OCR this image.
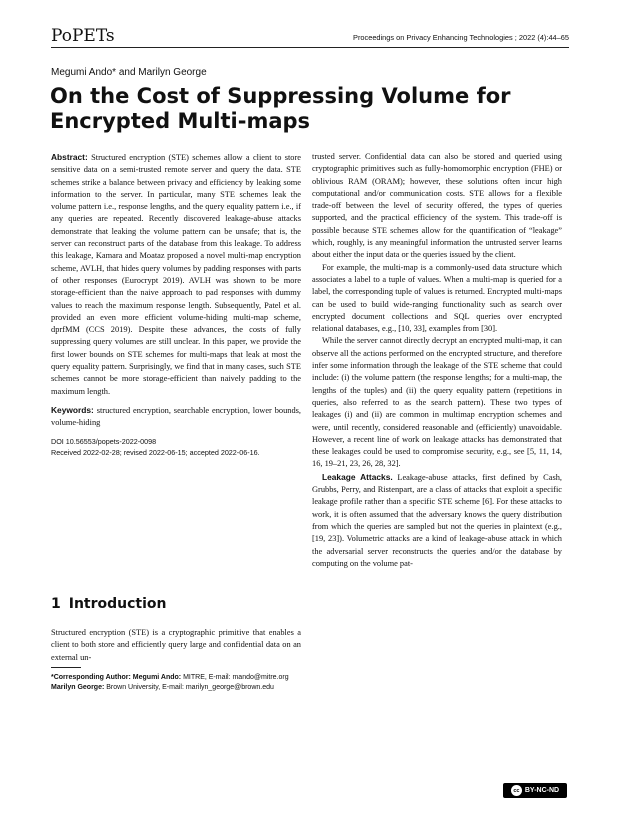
PoPETs	Proceedings on Privacy Enhancing Technologies ; 2022 (4):44–65
Megumi Ando* and Marilyn George
On the Cost of Suppressing Volume for Encrypted Multi-maps

Abstract: Structured encryption (STE) schemes allow a client to store sensitive data on a semi-trusted remote server and query the data. STE schemes strike a balance between privacy and efficiency by leaking some information to the server. In particular, many STE schemes leak the volume pattern i.e., response lengths, and the query equality pattern i.e., if any queries are repeated. Recently discovered leakage-abuse attacks demonstrate that leaking the volume pattern can be unsafe; that is, the server can reconstruct parts of the database from this leakage. To address this leakage, Kamara and Moataz proposed a novel multi-map encryption scheme, AVLH, that hides query volumes by padding responses with parts of other responses (Eurocrypt 2019). AVLH was shown to be more storage-efficient than the naive approach to pad responses with dummy values to reach the maximum response length. Subsequently, Patel et al. provided an even more efficient volume-hiding multi-map scheme, dprfMM (CCS 2019). Despite these advances, the costs of fully suppressing query volumes are still unclear. In this paper, we provide the first lower bounds on STE schemes for multi-maps that leak at most the query equality pattern. Surprisingly, we find that in many cases, such STE schemes cannot be more storage-efficient than naively padding to the maximum length.

Keywords: structured encryption, searchable encryption, lower bounds, volume-hiding

DOI 10.56553/popets-2022-0098
Received 2022-02-28; revised 2022-06-15; accepted 2022-06-16.

1 Introduction
Structured encryption (STE) is a cryptographic primitive that enables a client to both store and efficiently query large and confidential data on an external un-

*Corresponding Author: Megumi Ando: MITRE, E-mail: mando@mitre.org

Marilyn George: Brown University, E-mail: marilyn_george@brown.edu

trusted server. Confidential data can also be stored and queried using cryptographic primitives such as fully-homomorphic encryption (FHE) or oblivious RAM (ORAM); however, these solutions often incur high computational and/or communication costs. STE allows for a flexible trade-off between the level of security offered, the types of queries supported, and the practical efficiency of the system. This trade-off is possible because STE schemes allow for the quantification of “leakage” which, roughly, is any meaningful information the untrusted server learns about either the input data or the queries issued by the client.

For example, the multi-map is a commonly-used data structure which associates a label to a tuple of values. When a multi-map is queried for a label, the corresponding tuple of values is returned. Encrypted multi-maps can be used to build wide-ranging functionality such as search over encrypted document collections and SQL queries over encrypted relational databases, e.g., [10, 33], examples from [30].

While the server cannot directly decrypt an encrypted multi-map, it can observe all the actions performed on the encrypted structure, and therefore infer some information through the leakage of the STE scheme that could include: (i) the volume pattern (the response lengths; for a multi-map, the lengths of the tuples) and (ii) the query equality pattern (repetitions in queries, also referred to as the search pattern). These two types of leakages (i) and (ii) are common in multimap encryption schemes and were, until recently, considered reasonable and (efficiently) unavoidable. However, a recent line of work on leakage attacks has demonstrated that these leakages could be used to compromise security, e.g., see [5, 11, 14, 16, 19–21, 23, 26, 28, 32].

Leakage Attacks. Leakage-abuse attacks, first defined by Cash, Grubbs, Perry, and Ristenpart, are a class of attacks that exploit a specific leakage profile rather than a specific STE scheme [6]. For these attacks to work, it is often assumed that the adversary knows the query distribution from which the queries are sampled but not the queries in plaintext (e.g., [19, 23]). Volumetric attacks are a kind of leakage-abuse attack in which the adversarial server reconstructs the queries and/or the database by computing on the volume pat-

cc BY-NC-ND
